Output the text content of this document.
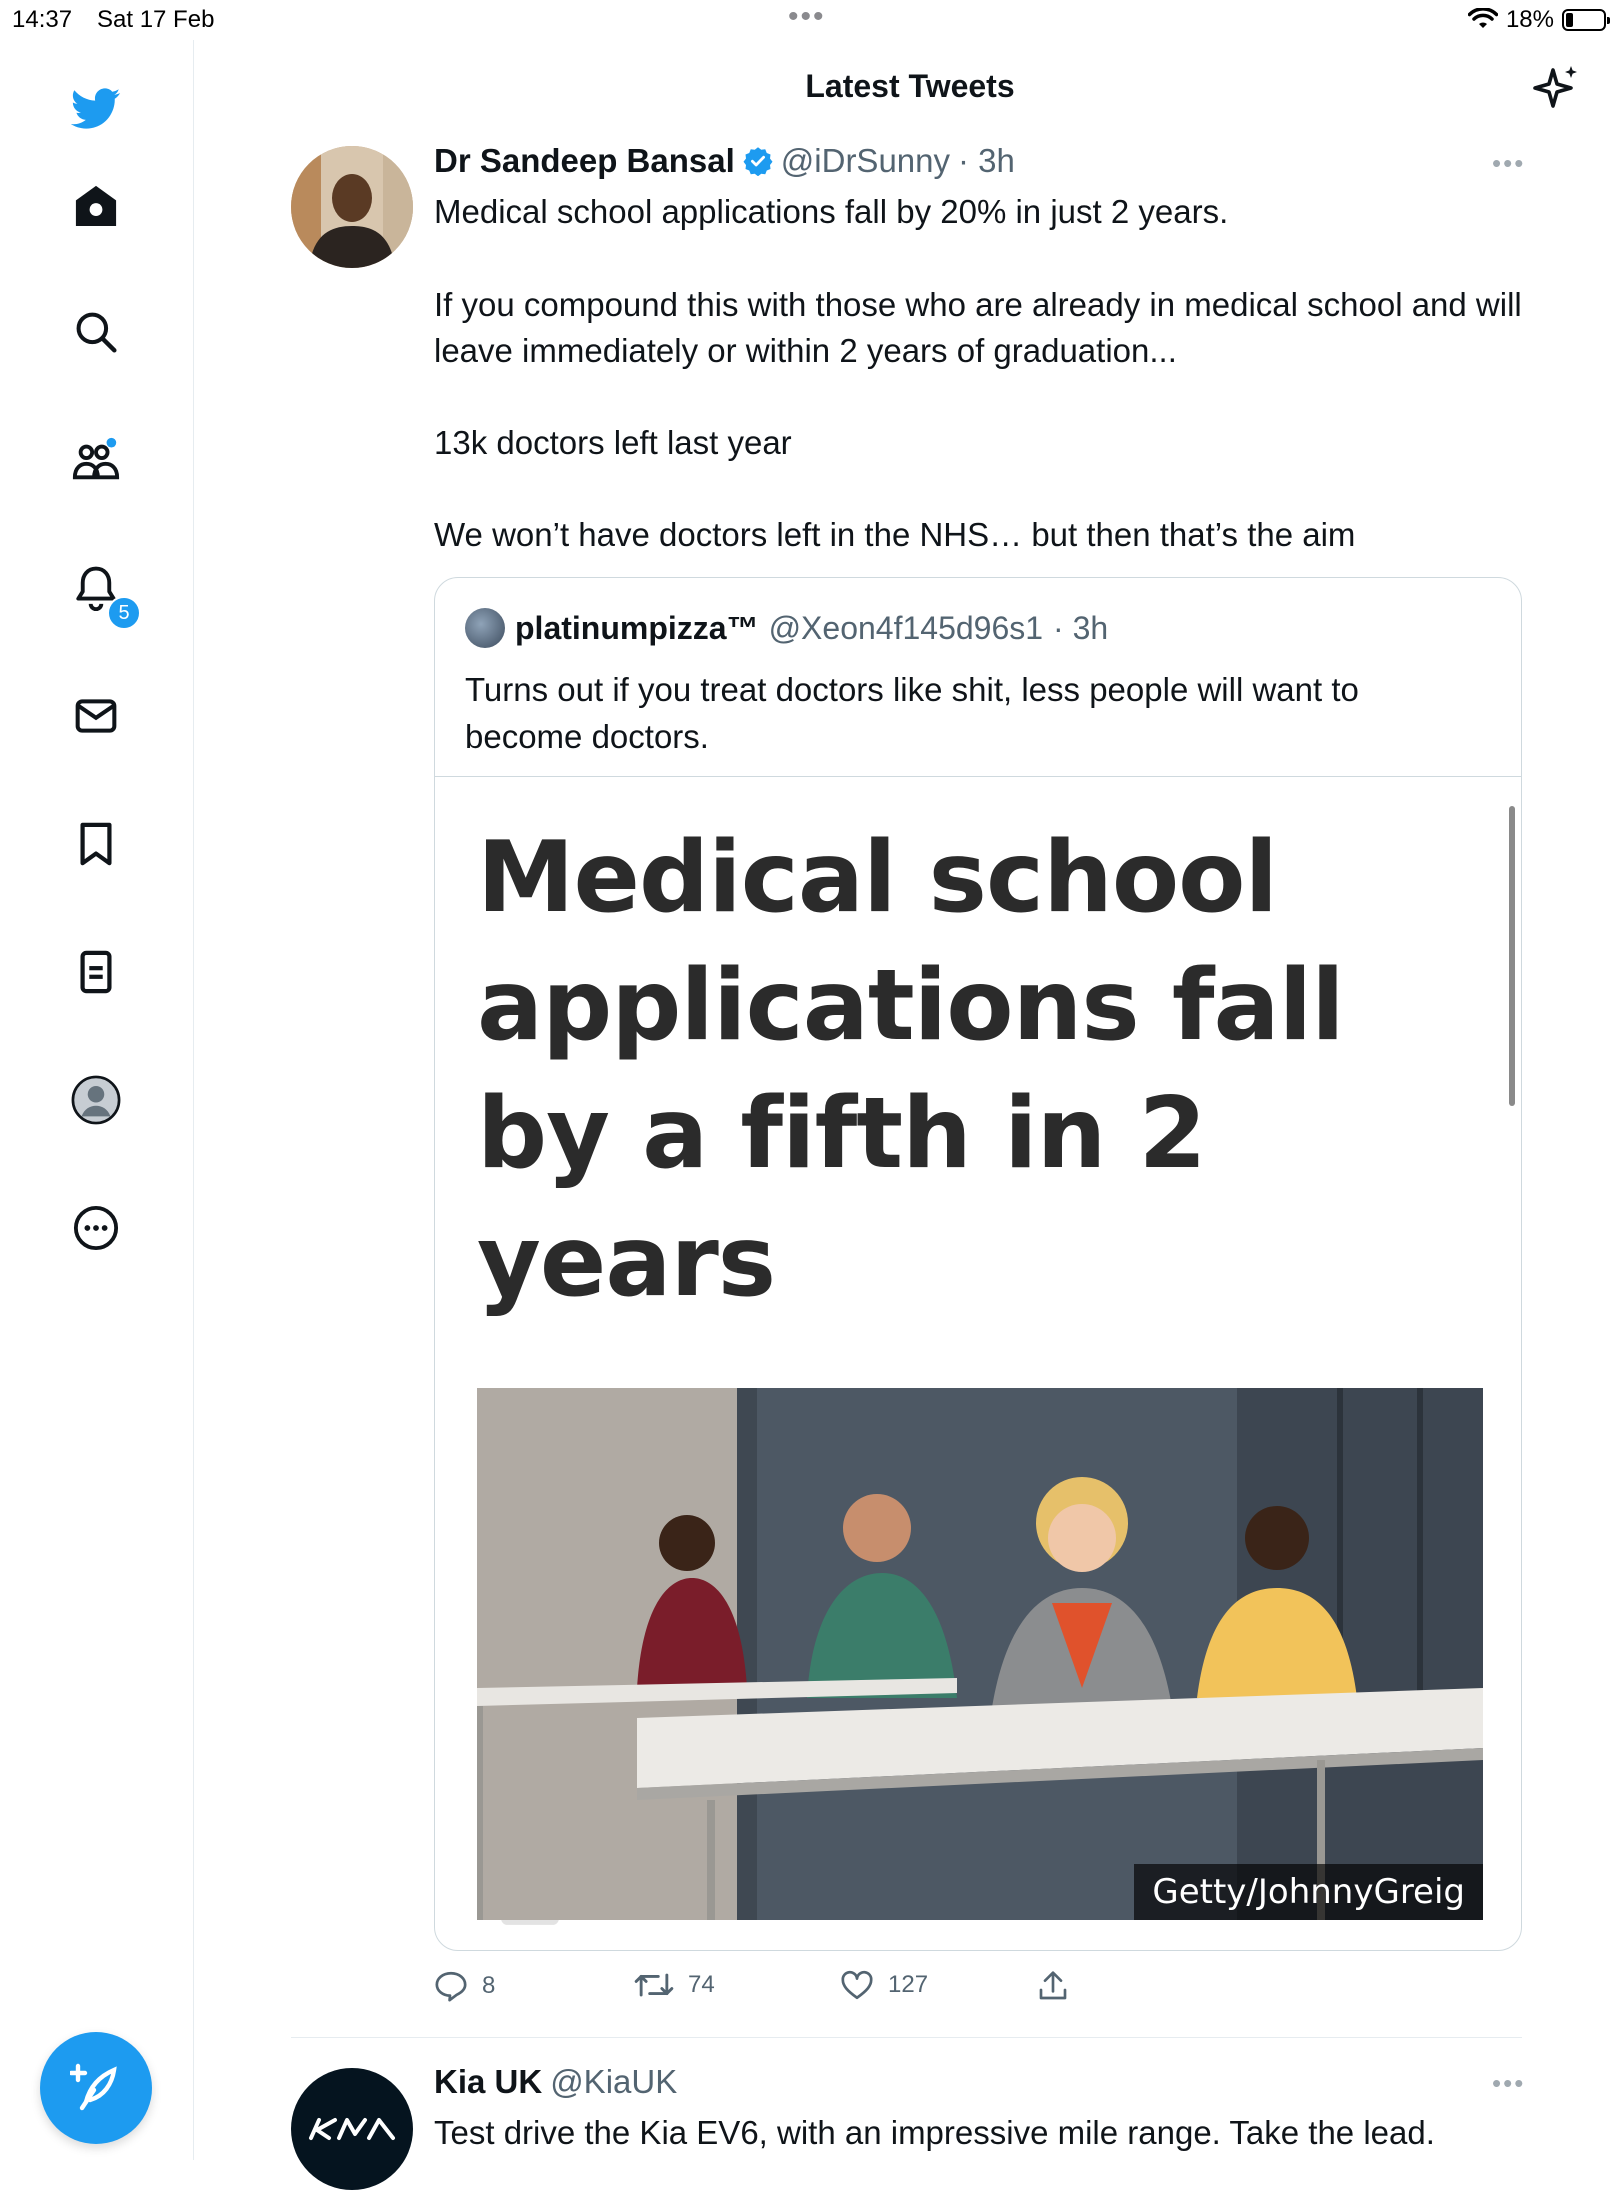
14:37 Sat 17 Feb	•••	18%
5
Latest Tweets
Dr Sandeep Bansal @iDrSunny · 3h	•••
Medical school applications fall by 20% in just 2 years.
If you compound this with those who are already in medical school and will leave immediately or within 2 years of graduation...
13k doctors left last year
We won’t have doctors left in the NHS… but then that’s the aim
platinumpizza™ @Xeon4f145d96s1 · 3h
Turns out if you treat doctors like shit, less people will want to become doctors.
Medical school applications fall by a fifth in 2 years
Getty/JohnnyGreig
8	74	127
Kia UK @KiaUK	•••
Test drive the Kia EV6, with an impressive mile range. Take the lead.
